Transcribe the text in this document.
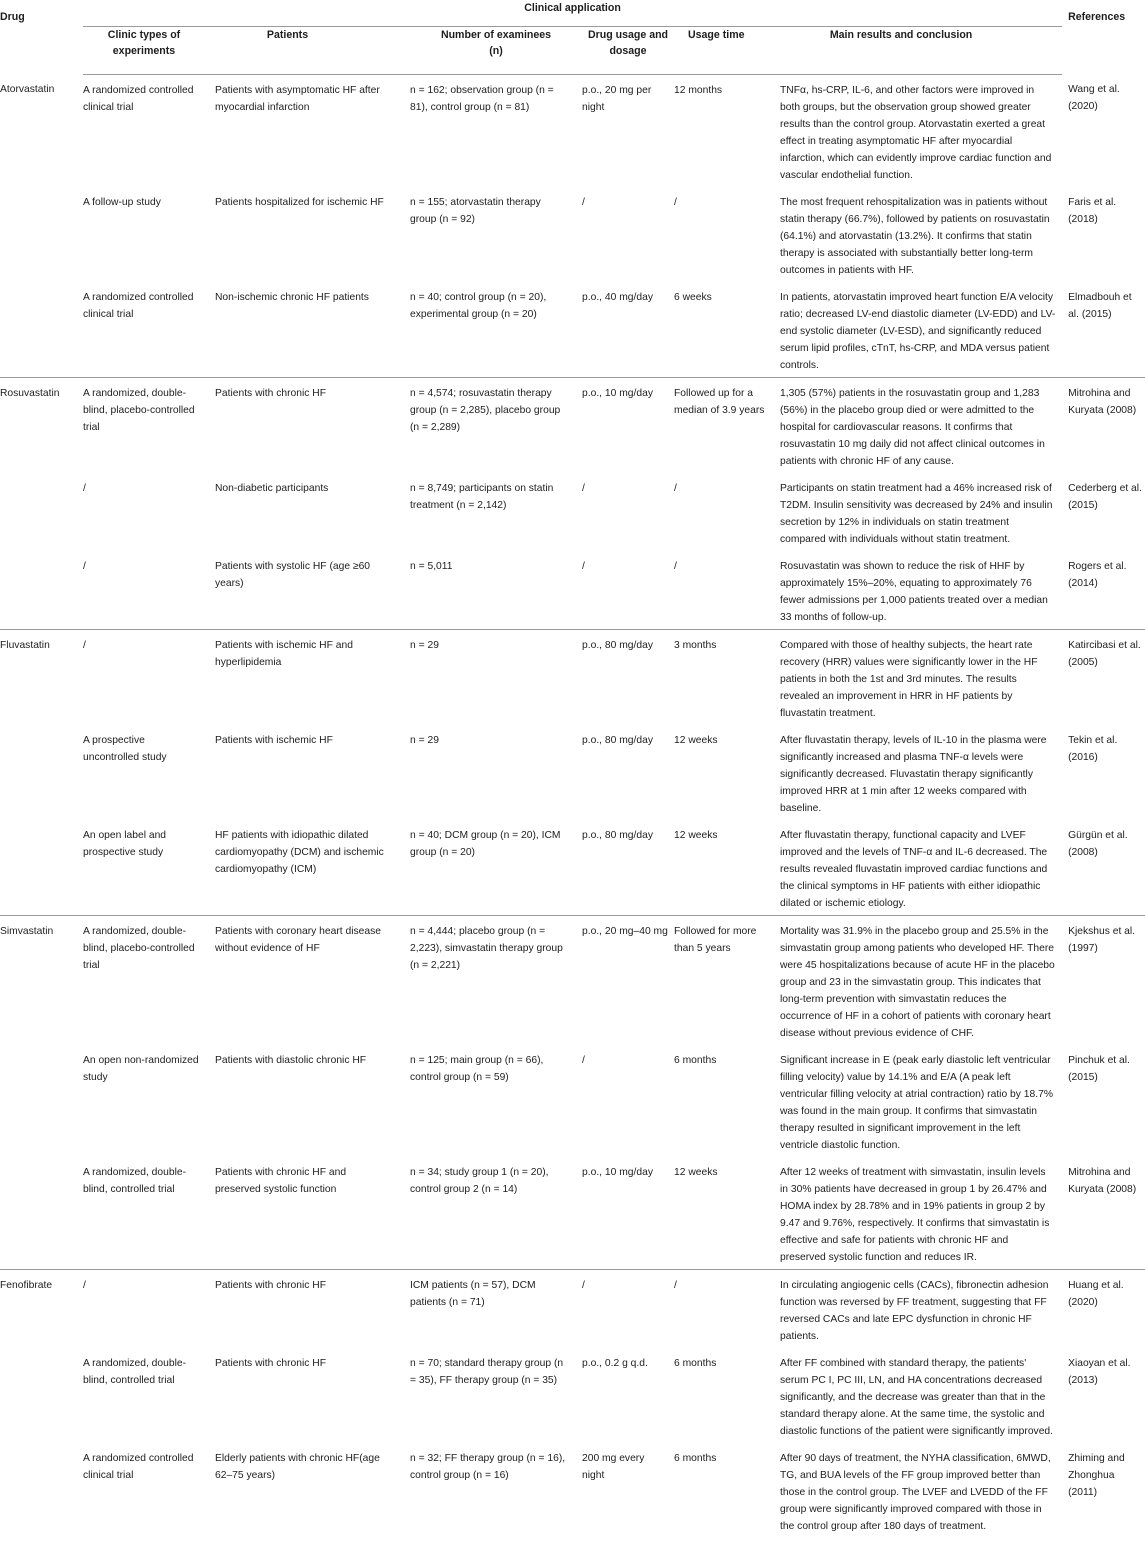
Drug	Clinical application						References
	Clinic types of experiments	Patients	Number of examinees (n)	Drug usage and dosage	Usage time	Main results and conclusion	

Atorvastatin	A randomized controlled clinical trial	Patients with asymptomatic HF after myocardial infarction	n = 162; observation group (n = 81), control group (n = 81)	p.o., 20 mg per night	12 months	TNFα, hs-CRP, IL-6, and other factors were improved in both groups, but the observation group showed greater results than the control group. Atorvastatin exerted a great effect in treating asymptomatic HF after myocardial infarction, which can evidently improve cardiac function and vascular endothelial function.	Wang et al. (2020)

	A follow-up study	Patients hospitalized for ischemic HF	n = 155; atorvastatin therapy group (n = 92)	/	/	The most frequent rehospitalization was in patients without statin therapy (66.7%), followed by patients on rosuvastatin (64.1%) and atorvastatin (13.2%). It confirms that statin therapy is associated with substantially better long-term outcomes in patients with HF.	Faris et al. (2018)

	A randomized controlled clinical trial	Non-ischemic chronic HF patients	n = 40; control group (n = 20), experimental group (n = 20)	p.o., 40 mg/day	6 weeks	In patients, atorvastatin improved heart function E/A velocity ratio; decreased LV-end diastolic diameter (LV-EDD) and LV-end systolic diameter (LV-ESD), and significantly reduced serum lipid profiles, cTnT, hs-CRP, and MDA versus patient controls.	Elmadbouh et al. (2015)

Rosuvastatin	A randomized, double-blind, placebo-controlled trial	Patients with chronic HF	n = 4,574; rosuvastatin therapy group (n = 2,285), placebo group (n = 2,289)	p.o., 10 mg/day	Followed up for a median of 3.9 years	1,305 (57%) patients in the rosuvastatin group and 1,283 (56%) in the placebo group died or were admitted to the hospital for cardiovascular reasons. It confirms that rosuvastatin 10 mg daily did not affect clinical outcomes in patients with chronic HF of any cause.	Mitrohina and Kuryata (2008)

	/	Non-diabetic participants	n = 8,749; participants on statin treatment (n = 2,142)	/	/	Participants on statin treatment had a 46% increased risk of T2DM. Insulin sensitivity was decreased by 24% and insulin secretion by 12% in individuals on statin treatment compared with individuals without statin treatment.	Cederberg et al. (2015)

	/	Patients with systolic HF (age ≥60 years)	n = 5,011	/	/	Rosuvastatin was shown to reduce the risk of HHF by approximately 15%–20%, equating to approximately 76 fewer admissions per 1,000 patients treated over a median 33 months of follow-up.	Rogers et al. (2014)

Fluvastatin	/	Patients with ischemic HF and hyperlipidemia	n = 29	p.o., 80 mg/day	3 months	Compared with those of healthy subjects, the heart rate recovery (HRR) values were significantly lower in the HF patients in both the 1st and 3rd minutes. The results revealed an improvement in HRR in HF patients by fluvastatin treatment.	Katircibasi et al. (2005)

	A prospective uncontrolled study	Patients with ischemic HF	n = 29	p.o., 80 mg/day	12 weeks	After fluvastatin therapy, levels of IL-10 in the plasma were significantly increased and plasma TNF-α levels were significantly decreased. Fluvastatin therapy significantly improved HRR at 1 min after 12 weeks compared with baseline.	Tekin et al. (2016)

	An open label and prospective study	HF patients with idiopathic dilated cardiomyopathy (DCM) and ischemic cardiomyopathy (ICM)	n = 40; DCM group (n = 20), ICM group (n = 20)	p.o., 80 mg/day	12 weeks	After fluvastatin therapy, functional capacity and LVEF improved and the levels of TNF-α and IL-6 decreased. The results revealed fluvastatin improved cardiac functions and the clinical symptoms in HF patients with either idiopathic dilated or ischemic etiology.	Gürgün et al. (2008)

Simvastatin	A randomized, double-blind, placebo-controlled trial	Patients with coronary heart disease without evidence of HF	n = 4,444; placebo group (n = 2,223), simvastatin therapy group (n = 2,221)	p.o., 20 mg–40 mg	Followed for more than 5 years	Mortality was 31.9% in the placebo group and 25.5% in the simvastatin group among patients who developed HF. There were 45 hospitalizations because of acute HF in the placebo group and 23 in the simvastatin group. This indicates that long-term prevention with simvastatin reduces the occurrence of HF in a cohort of patients with coronary heart disease without previous evidence of CHF.	Kjekshus et al. (1997)

	An open non-randomized study	Patients with diastolic chronic HF	n = 125; main group (n = 66), control group (n = 59)	/	6 months	Significant increase in E (peak early diastolic left ventricular filling velocity) value by 14.1% and E/A (A peak left ventricular filling velocity at atrial contraction) ratio by 18.7% was found in the main group. It confirms that simvastatin therapy resulted in significant improvement in the left ventricle diastolic function.	Pinchuk et al. (2015)

	A randomized, double-blind, controlled trial	Patients with chronic HF and preserved systolic function	n = 34; study group 1 (n = 20), control group 2 (n = 14)	p.o., 10 mg/day	12 weeks	After 12 weeks of treatment with simvastatin, insulin levels in 30% patients have decreased in group 1 by 26.47% and HOMA index by 28.78% and in 19% patients in group 2 by 9.47 and 9.76%, respectively. It confirms that simvastatin is effective and safe for patients with chronic HF and preserved systolic function and reduces IR.	Mitrohina and Kuryata (2008)

Fenofibrate	/	Patients with chronic HF	ICM patients (n = 57), DCM patients (n = 71)	/	/	In circulating angiogenic cells (CACs), fibronectin adhesion function was reversed by FF treatment, suggesting that FF reversed CACs and late EPC dysfunction in chronic HF patients.	Huang et al. (2020)

	A randomized, double-blind, controlled trial	Patients with chronic HF	n = 70; standard therapy group (n = 35), FF therapy group (n = 35)	p.o., 0.2 g q.d.	6 months	After FF combined with standard therapy, the patients' serum PC I, PC III, LN, and HA concentrations decreased significantly, and the decrease was greater than that in the standard therapy alone. At the same time, the systolic and diastolic functions of the patient were significantly improved.	Xiaoyan et al. (2013)

	A randomized controlled clinical trial	Elderly patients with chronic HF(age 62–75 years)	n = 32; FF therapy group (n = 16), control group (n = 16)	200 mg every night	6 months	After 90 days of treatment, the NYHA classification, 6MWD, TG, and BUA levels of the FF group improved better than those in the control group. The LVEF and LVEDD of the FF group were significantly improved compared with those in the control group after 180 days of treatment.	Zhiming and Zhonghua (2011)
